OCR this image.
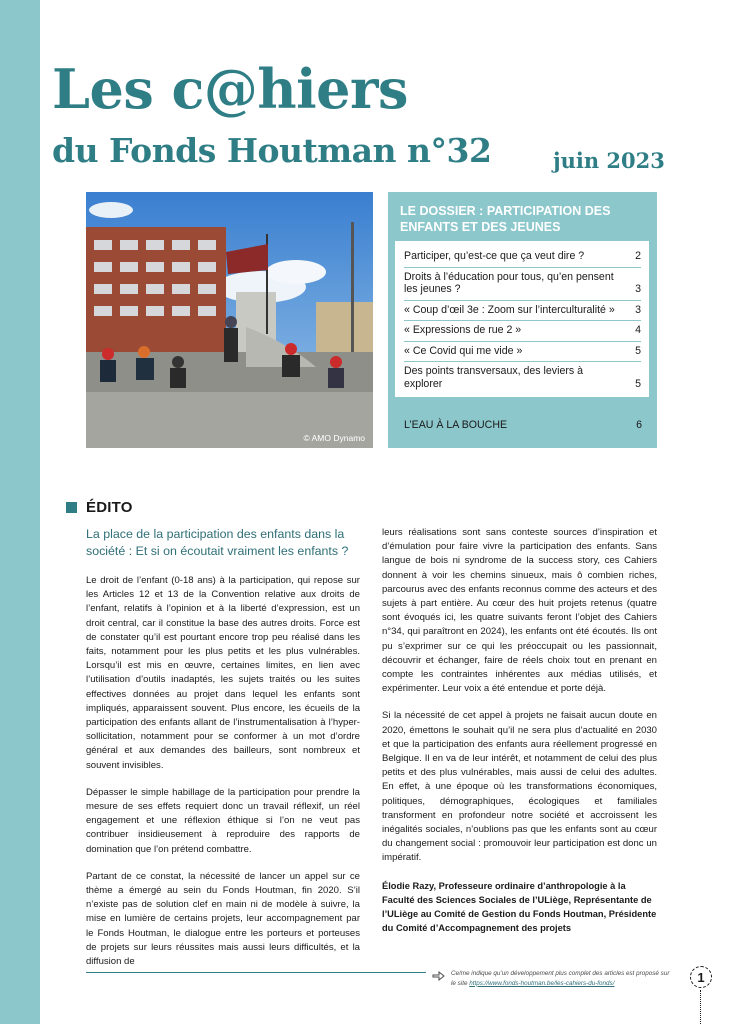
Les c@hiers
du Fonds Houtman n°32	juin 2023
© AMO Dynamo
LE DOSSIER : PARTICIPATION DES ENFANTS ET DES JEUNES
Participer, qu’est-ce que ça veut dire ?	2
Droits à l’éducation pour tous, qu’en pensent les jeunes ?	3
« Coup d’œil 3e : Zoom sur l’interculturalité »	3
« Expressions de rue 2 »	4
« Ce Covid qui me vide »	5
Des points transversaux, des leviers à explorer	5
L’EAU À LA BOUCHE	6
ÉDITO
La place de la participation des enfants dans la société : Et si on écoutait vraiment les enfants ?

Le droit de l’enfant (0-18 ans) à la participation, qui repose sur les Articles 12 et 13 de la Convention relative aux droits de l’enfant, relatifs à l’opinion et à la liberté d’expression, est un droit central, car il constitue la base des autres droits. Force est de constater qu’il est pourtant encore trop peu réalisé dans les faits, notamment pour les plus petits et les plus vulnérables. Lorsqu’il est mis en œuvre, certaines limites, en lien avec l’utilisation d’outils inadaptés, les sujets traités ou les suites effectives données au projet dans lequel les enfants sont impliqués, apparaissent souvent. Plus encore, les écueils de la participation des enfants allant de l’instrumentalisation à l’hyper-sollicitation, notamment pour se conformer à un mot d’ordre général et aux demandes des bailleurs, sont nombreux et souvent invisibles.

Dépasser le simple habillage de la participation pour prendre la mesure de ses effets requiert donc un travail réflexif, un réel engagement et une réflexion éthique si l’on ne veut pas contribuer insidieusement à reproduire des rapports de domination que l’on prétend combattre.

Partant de ce constat, la nécessité de lancer un appel sur ce thème a émergé au sein du Fonds Houtman, fin 2020. S’il n’existe pas de solution clef en main ni de modèle à suivre, la mise en lumière de certains projets, leur accompagnement par le Fonds Houtman, le dialogue entre les porteurs et porteuses de projets sur leurs réussites mais aussi leurs difficultés, et la diffusion de

leurs réalisations sont sans conteste sources d’inspiration et d’émulation pour faire vivre la participation des enfants. Sans langue de bois ni syndrome de la success story, ces Cahiers donnent à voir les chemins sinueux, mais ô combien riches, parcourus avec des enfants reconnus comme des acteurs et des sujets à part entière. Au cœur des huit projets retenus (quatre sont évoqués ici, les quatre suivants feront l’objet des Cahiers n°34, qui paraîtront en 2024), les enfants ont été écoutés. Ils ont pu s’exprimer sur ce qui les préoccupait ou les passionnait, découvrir et échanger, faire de réels choix tout en prenant en compte les contraintes inhérentes aux médias utilisés, et expérimenter. Leur voix a été entendue et porte déjà.

Si la nécessité de cet appel à projets ne faisait aucun doute en 2020, émettons le souhait qu’il ne sera plus d’actualité en 2030 et que la participation des enfants aura réellement progressé en Belgique. Il en va de leur intérêt, et notamment de celui des plus petits et des plus vulnérables, mais aussi de celui des adultes. En effet, à une époque où les transformations économiques, politiques, démographiques, écologiques et familiales transforment en profondeur notre société et accroissent les inégalités sociales, n’oublions pas que les enfants sont au cœur du changement social : promouvoir leur participation est donc un impératif.

Élodie Razy, Professeure ordinaire d’anthropologie à la Faculté des Sciences Sociales de l’ULiège, Représentante de l’ULiège au Comité de Gestion du Fonds Houtman, Présidente du Comité d’Accompagnement des projets

Ce/me indique qu’un développement plus complet des articles est proposé sur le site https://www.fonds-houtman.be/les-cahiers-du-fonds/	1
